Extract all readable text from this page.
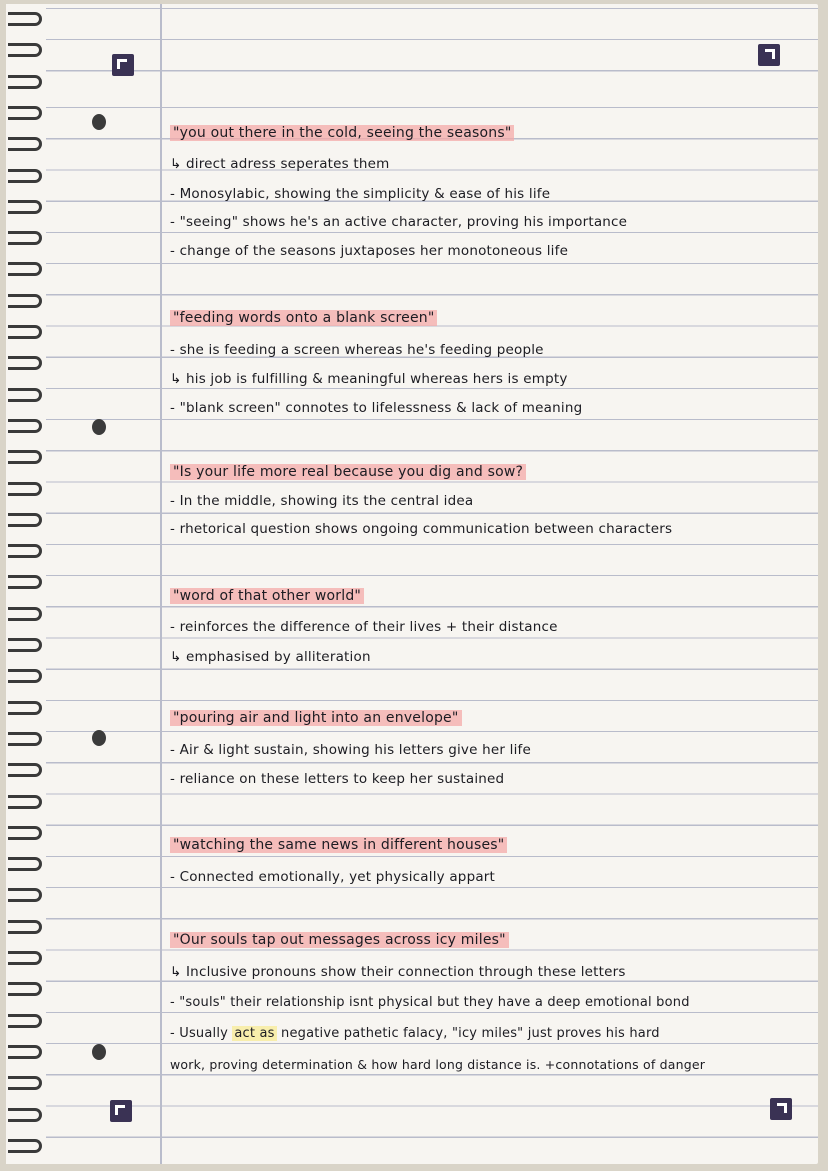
"you out there in the cold, seeing the seasons"
↳ direct adress seperates them
- Monosylabic, showing the simplicity & ease of his life
- "seeing" shows he's an active character, proving his importance
- change of the seasons juxtaposes her monotoneous life
"feeding words onto a blank screen"
- she is feeding a screen whereas he's feeding people
↳ his job is fulfilling & meaningful whereas hers is empty
- "blank screen" connotes to lifelessness & lack of meaning
"Is your life more real because you dig and sow?
- In the middle, showing its the central idea
- rhetorical question shows ongoing communication between characters
"word of that other world"
- reinforces the difference of their lives + their distance
↳ emphasised by alliteration
"pouring air and light into an envelope"
- Air & light sustain, showing his letters give her life
- reliance on these letters to keep her sustained
"watching the same news in different houses"
- Connected emotionally, yet physically appart
"Our souls tap out messages across icy miles"
↳ Inclusive pronouns show their connection through these letters
- "souls" their relationship isnt physical but they have a deep emotional bond
- Usually act as negative pathetic falacy, "icy miles" just proves his hard
work, proving determination & how hard long distance is. +connotations of danger
